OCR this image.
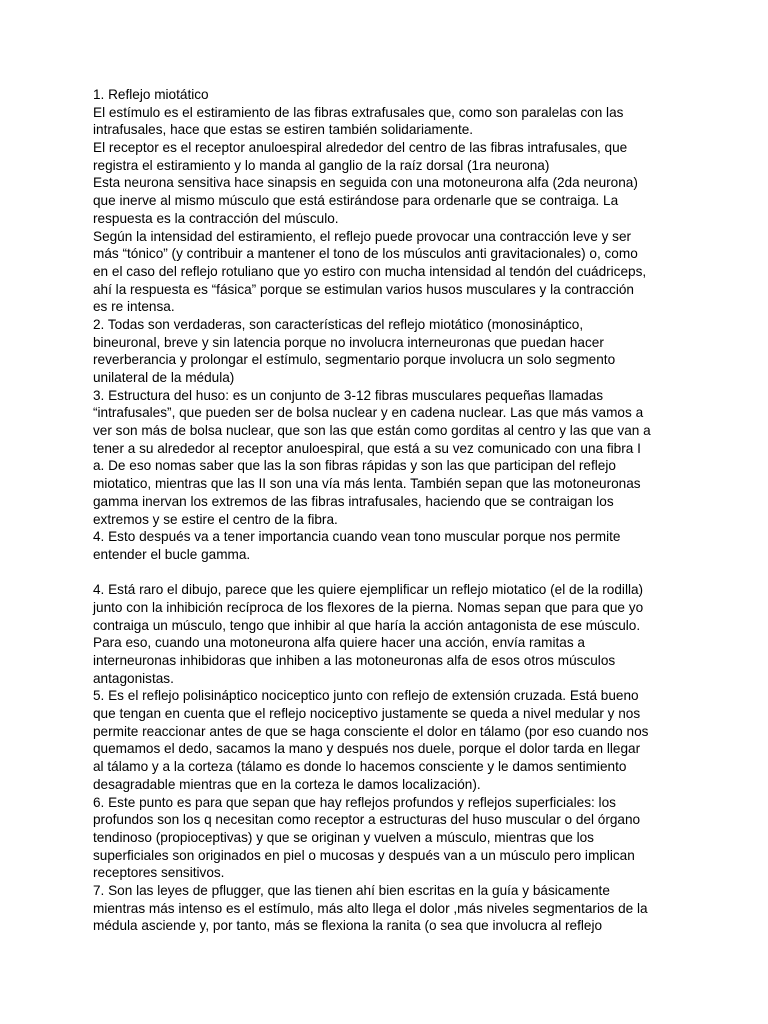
1. Reflejo miotático
El estímulo es el estiramiento de las fibras extrafusales que, como son paralelas con las
intrafusales, hace que estas se estiren también solidariamente.
El receptor es el receptor anuloespiral alrededor del centro de las fibras intrafusales, que
registra el estiramiento y lo manda al ganglio de la raíz dorsal (1ra neurona)
Esta neurona sensitiva hace sinapsis en seguida con una motoneurona alfa (2da neurona)
que inerve al mismo músculo que está estirándose para ordenarle que se contraiga. La
respuesta es la contracción del músculo.
Según la intensidad del estiramiento, el reflejo puede provocar una contracción leve y ser
más “tónico” (y contribuir a mantener el tono de los músculos anti gravitacionales) o, como
en el caso del reflejo rotuliano que yo estiro con mucha intensidad al tendón del cuádriceps,
ahí la respuesta es “fásica” porque se estimulan varios husos musculares y la contracción
es re intensa.
2. Todas son verdaderas, son características del reflejo miotático (monosináptico,
bineuronal, breve y sin latencia porque no involucra interneuronas que puedan hacer
reverberancia y prolongar el estímulo, segmentario porque involucra un solo segmento
unilateral de la médula)
3. Estructura del huso: es un conjunto de 3-12 fibras musculares pequeñas llamadas
“intrafusales”, que pueden ser de bolsa nuclear y en cadena nuclear. Las que más vamos a
ver son más de bolsa nuclear, que son las que están como gorditas al centro y las que van a
tener a su alrededor al receptor anuloespiral, que está a su vez comunicado con una fibra I
a. De eso nomas saber que las la son fibras rápidas y son las que participan del reflejo
miotatico, mientras que las II son una vía más lenta. También sepan que las motoneuronas
gamma inervan los extremos de las fibras intrafusales, haciendo que se contraigan los
extremos y se estire el centro de la fibra.
4. Esto después va a tener importancia cuando vean tono muscular porque nos permite
entender el bucle gamma.
4. Está raro el dibujo, parece que les quiere ejemplificar un reflejo miotatico (el de la rodilla)
junto con la inhibición recíproca de los flexores de la pierna. Nomas sepan que para que yo
contraiga un músculo, tengo que inhibir al que haría la acción antagonista de ese músculo.
Para eso, cuando una motoneurona alfa quiere hacer una acción, envía ramitas a
interneuronas inhibidoras que inhiben a las motoneuronas alfa de esos otros músculos
antagonistas.
5. Es el reflejo polisináptico nociceptico junto con reflejo de extensión cruzada. Está bueno
que tengan en cuenta que el reflejo nociceptivo justamente se queda a nivel medular y nos
permite reaccionar antes de que se haga consciente el dolor en tálamo (por eso cuando nos
quemamos el dedo, sacamos la mano y después nos duele, porque el dolor tarda en llegar
al tálamo y a la corteza (tálamo es donde lo hacemos consciente y le damos sentimiento
desagradable mientras que en la corteza le damos localización).
6. Este punto es para que sepan que hay reflejos profundos y reflejos superficiales: los
profundos son los q necesitan como receptor a estructuras del huso muscular o del órgano
tendinoso (propioceptivas) y que se originan y vuelven a músculo, mientras que los
superficiales son originados en piel o mucosas y después van a un músculo pero implican
receptores sensitivos.
7. Son las leyes de pflugger, que las tienen ahí bien escritas en la guía y básicamente
mientras más intenso es el estímulo, más alto llega el dolor ,más niveles segmentarios de la
médula asciende y, por tanto, más se flexiona la ranita (o sea que involucra al reflejo
